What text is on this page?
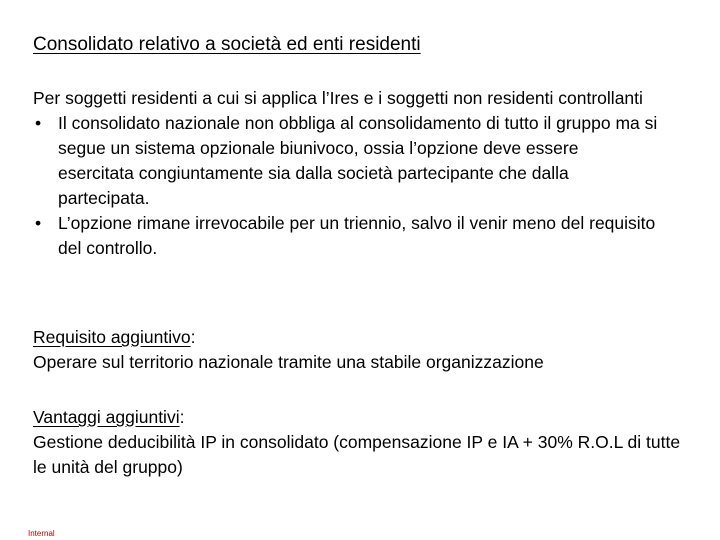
Consolidato relativo a società ed enti residenti
Per soggetti residenti a cui si applica l’Ires e i soggetti non residenti controllanti
• Il consolidato nazionale non obbliga al consolidamento di tutto il gruppo ma si segue un sistema opzionale biunivoco, ossia l’opzione deve essere esercitata congiuntamente sia dalla società partecipante che dalla partecipata.
• L’opzione rimane irrevocabile per un triennio, salvo il venir meno del requisito del controllo.
Requisito aggiuntivo:
Operare sul territorio nazionale tramite una stabile organizzazione
Vantaggi aggiuntivi:
Gestione deducibilità IP in consolidato (compensazione IP e IA + 30% R.O.L di tutte le unità del gruppo)
Internal
